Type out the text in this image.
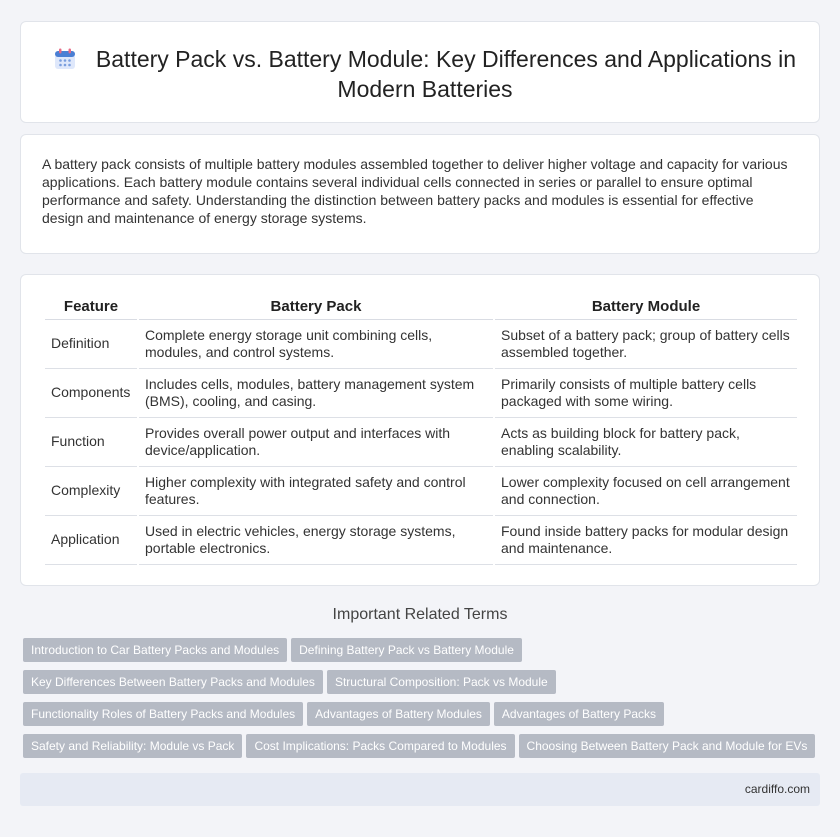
Battery Pack vs. Battery Module: Key Differences and Applications in Modern Batteries

A battery pack consists of multiple battery modules assembled together to deliver higher voltage and capacity for various applications. Each battery module contains several individual cells connected in series or parallel to ensure optimal performance and safety. Understanding the distinction between battery packs and modules is essential for effective design and maintenance of energy storage systems.

Feature	Battery Pack	Battery Module
Definition	Complete energy storage unit combining cells, modules, and control systems.	Subset of a battery pack; group of battery cells assembled together.
Components	Includes cells, modules, battery management system (BMS), cooling, and casing.	Primarily consists of multiple battery cells packaged with some wiring.
Function	Provides overall power output and interfaces with device/application.	Acts as building block for battery pack, enabling scalability.
Complexity	Higher complexity with integrated safety and control features.	Lower complexity focused on cell arrangement and connection.
Application	Used in electric vehicles, energy storage systems, portable electronics.	Found inside battery packs for modular design and maintenance.
Important Related Terms
Introduction to Car Battery Packs and Modules Defining Battery Pack vs Battery Module
Key Differences Between Battery Packs and Modules Structural Composition: Pack vs Module
Functionality Roles of Battery Packs and Modules Advantages of Battery Modules Advantages of Battery Packs
Safety and Reliability: Module vs Pack Cost Implications: Packs Compared to Modules Choosing Between Battery Pack and Module for EVs
cardiffo.com
